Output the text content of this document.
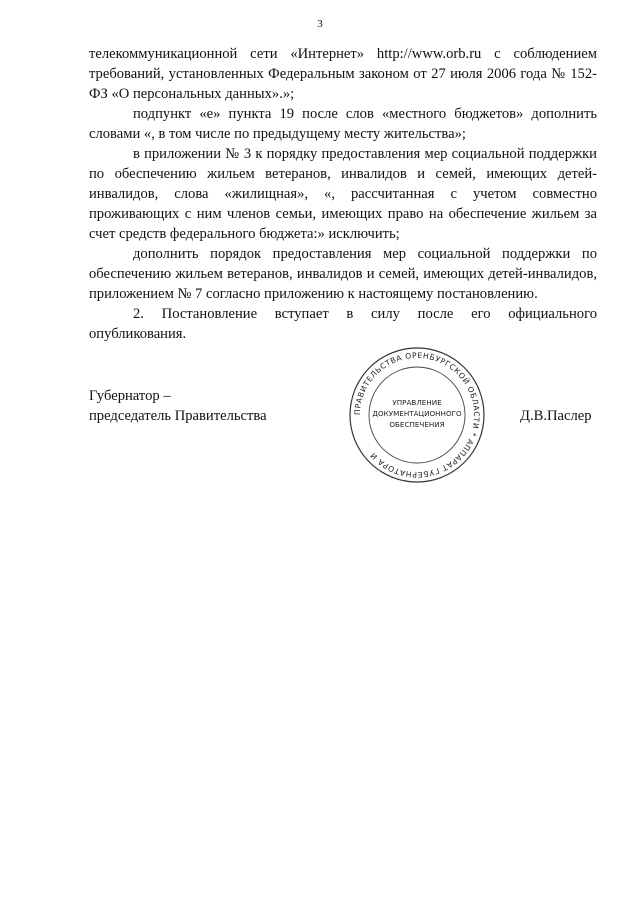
3

телекоммуникационной сети «Интернет» http://www.orb.ru с соблюдением требований, установленных Федеральным законом от 27 июля 2006 года № 152-ФЗ «О персональных данных».»;

подпункт «е» пункта 19 после слов «местного бюджетов» дополнить словами «, в том числе по предыдущему месту жительства»;

в приложении № 3 к порядку предоставления мер социальной поддержки по обеспечению жильем ветеранов, инвалидов и семей, имеющих детей-инвалидов, слова «жилищная», «, рассчитанная с учетом совместно проживающих с ним членов семьи, имеющих право на обеспечение жильем за счет средств федерального бюджета:» исключить;

дополнить порядок предоставления мер социальной поддержки по обеспечению жильем ветеранов, инвалидов и семей, имеющих детей-инвалидов, приложением № 7 согласно приложению к настоящему постановлению.

2. Постановление вступает в силу после его официального опубликования.

Губернатор –
председатель Правительства	ПРАВИТЕЛЬСТВА ОРЕНБУРГСКОЙ ОБЛАСТИ * АППАРАТ ГУБЕРНАТОРА И
УПРАВЛЕНИЕ
ДОКУМЕНТАЦИОННОГО
ОБЕСПЕЧЕНИЯ
Д.В.Паслер
